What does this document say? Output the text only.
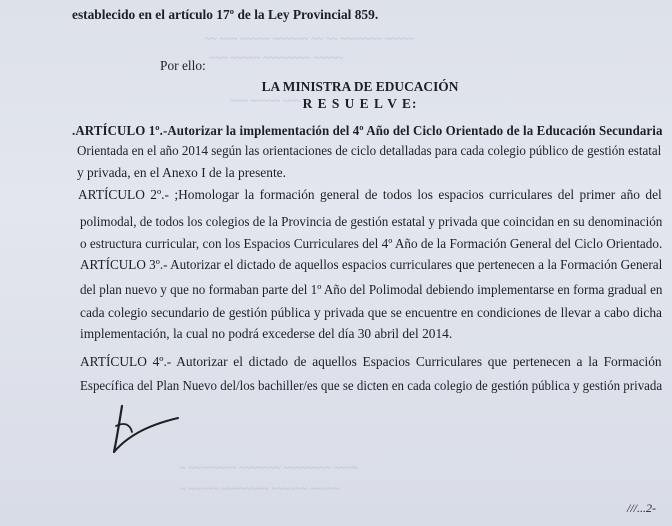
~~ ~~~ ~~~~~ ~~~~~~ ~~ ~~ ~~~~~~~ ~~~~~
~~~ ~~~~~ ~~~~~~~~ ~~~~~
~~~ ~~~~~ ~~~
~ ~~~~~~~~ ~~~~~~~ ~~~~~~~~ ~~~~
~ ~~~~~ ~~~~~~~~ ~~~~~~ ~~~~~
establecido en el artículo 17º de la Ley Provincial 859.
Por ello:
LA MINISTRA DE EDUCACIÓN
R E S U E L V E:
.ARTÍCULO 1º.-Autorizar la implementación del 4º Año del Ciclo Orientado de la Educación Secundaria
Orientada en el año 2014 según las orientaciones de ciclo detalladas para cada colegio público de gestión estatal
y privada, en el Anexo I de la presente.
ARTÍCULO 2º.- ;Homologar la formación general de todos los espacios curriculares del primer año del
polimodal, de todos los colegios de la Provincia de gestión estatal y privada que coincidan en su denominación
o estructura curricular, con los Espacios Curriculares del 4º Año de la Formación General del Ciclo Orientado.
ARTÍCULO 3º.- Autorizar el dictado de aquellos espacios curriculares que pertenecen a la Formación General
del plan nuevo y que no formaban parte del 1º Año del Polimodal debiendo implementarse en forma gradual en
cada colegio secundario de gestión pública y privada que se encuentre en condiciones de llevar a cabo dicha
implementación, la cual no podrá excederse del día 30 abril del 2014.
ARTÍCULO 4º.- Autorizar el dictado de aquellos Espacios Curriculares que pertenecen a la Formación
Específica del Plan Nuevo del/los bachiller/es que se dicten en cada colegio de gestión pública y gestión privada
///...2-
